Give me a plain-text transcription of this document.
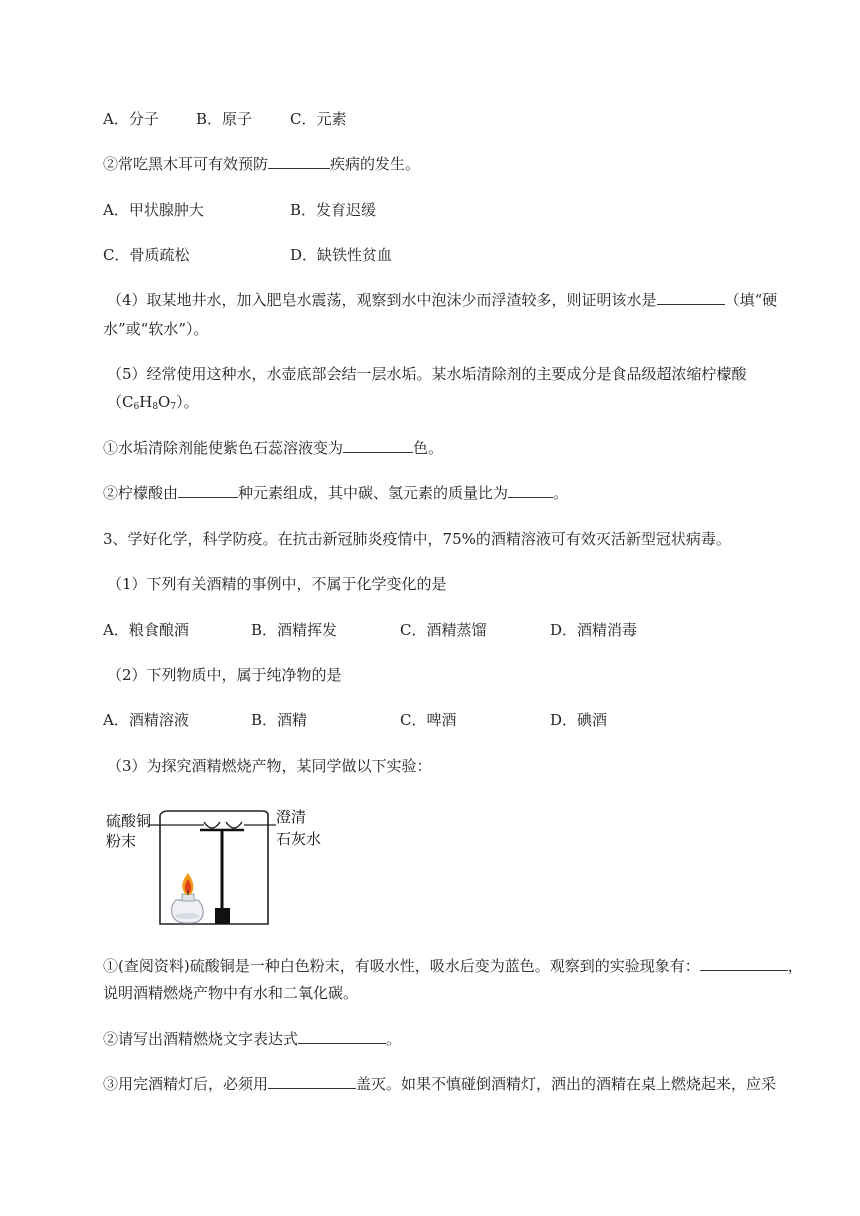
A．分子 B．原子	C．元素
②常吃黑木耳可有效预防	疾病的发生。
A．甲状腺肿大	B．发育迟缓
C．骨质疏松	D．缺铁性贫血
（4）取某地井水，加入肥皂水震荡，观察到水中泡沫少而浮渣较多，则证明该水是	（填“硬
水”或“软水”）。
（5）经常使用这种水，水壶底部会结一层水垢。某水垢清除剂的主要成分是食品级超浓缩柠檬酸
$(C_6H_8O_7)$。
①水垢清除剂能使紫色石蕊溶液变为	色。
②柠檬酸由	种元素组成，其中碳、氢元素的质量比为	。
3、学好化学，科学防疫。在抗击新冠肺炎疫情中，75%的酒精溶液可有效灭活新型冠状病毒。
（1）下列有关酒精的事例中，不属于化学变化的是
A．粮食酿酒	B．酒精挥发	C．酒精蒸馏	D．酒精消毒
（2）下列物质中，属于纯净物的是
A．酒精溶液	B．酒精	C．啤酒	D．碘酒
（3）为探究酒精燃烧产物，某同学做以下实验：
硫酸铜
粉末
澄清
石灰水
①(查阅资料)硫酸铜是一种白色粉末，有吸水性，吸水后变为蓝色。观察到的实验现象有：	，
说明酒精燃烧产物中有水和二氧化碳。
②请写出酒精燃烧文字表达式	。
③用完酒精灯后，必须用	盖灭。如果不慎碰倒酒精灯，洒出的酒精在桌上燃烧起来，应采
